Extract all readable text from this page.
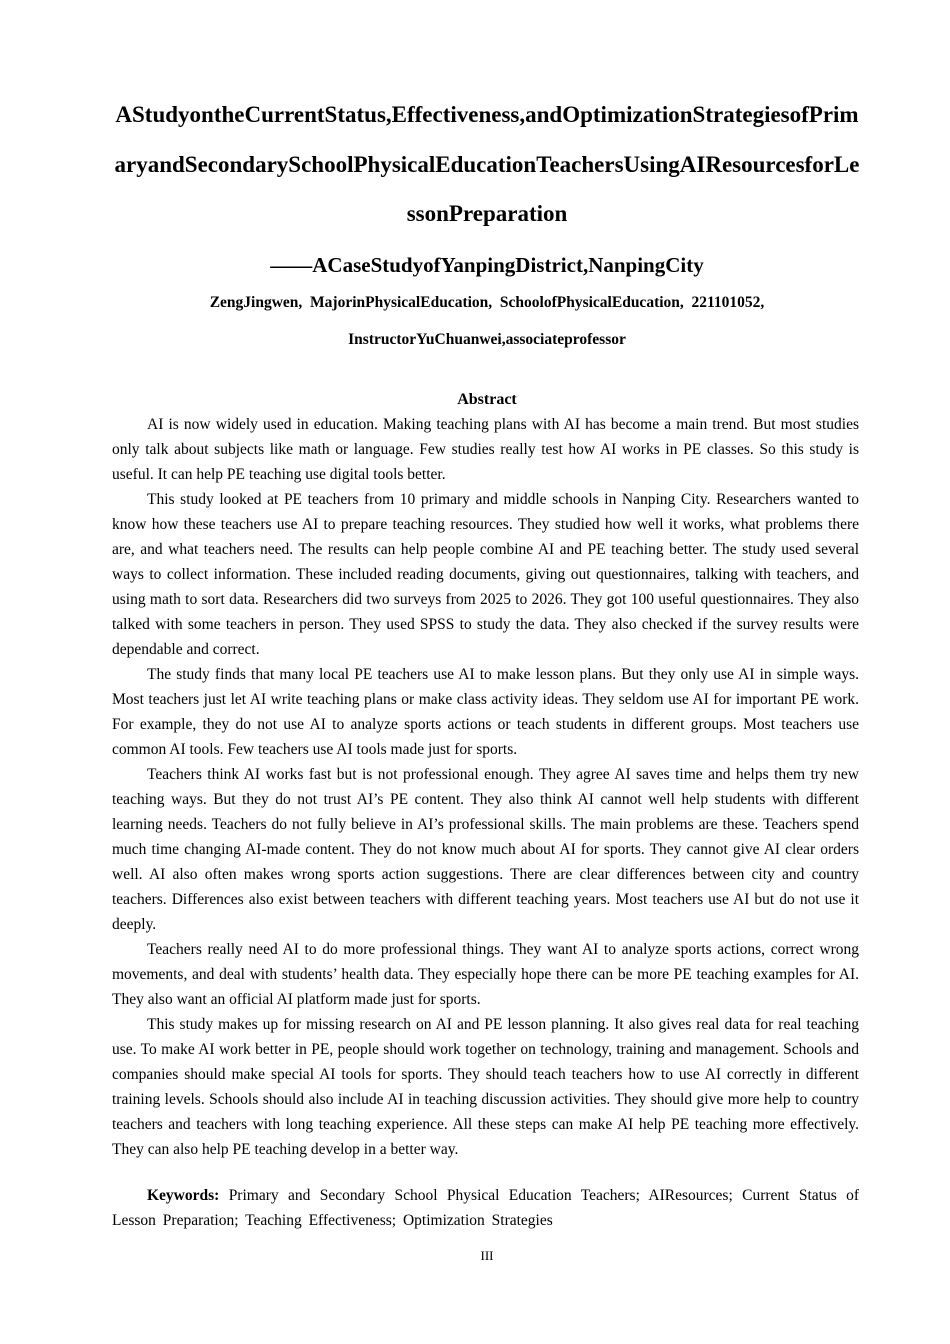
AStudyontheCurrentStatus,Effectiveness,andOptimizationStrategiesofPrimaryandSecondarySchoolPhysicalEducationTeachersUsingAIResourcesforLessonPreparation
——ACaseStudyofYanpingDistrict,NanpingCity

ZengJingwen,  MajorinPhysicalEducation,  SchoolofPhysicalEducation,  221101052,

InstructorYuChuanwei,associateprofessor

Abstract

AI is now widely used in education. Making teaching plans with AI has become a main trend. But most studies only talk about subjects like math or language. Few studies really test how AI works in PE classes. So this study is useful. It can help PE teaching use digital tools better.

This study looked at PE teachers from 10 primary and middle schools in Nanping City. Researchers wanted to know how these teachers use AI to prepare teaching resources. They studied how well it works, what problems there are, and what teachers need. The results can help people combine AI and PE teaching better. The study used several ways to collect information. These included reading documents, giving out questionnaires, talking with teachers, and using math to sort data. Researchers did two surveys from 2025 to 2026. They got 100 useful questionnaires. They also talked with some teachers in person. They used SPSS to study the data. They also checked if the survey results were dependable and correct.

The study finds that many local PE teachers use AI to make lesson plans. But they only use AI in simple ways. Most teachers just let AI write teaching plans or make class activity ideas. They seldom use AI for important PE work. For example, they do not use AI to analyze sports actions or teach students in different groups. Most teachers use common AI tools. Few teachers use AI tools made just for sports.

Teachers think AI works fast but is not professional enough. They agree AI saves time and helps them try new teaching ways. But they do not trust AI’s PE content. They also think AI cannot well help students with different learning needs. Teachers do not fully believe in AI’s professional skills. The main problems are these. Teachers spend much time changing AI-made content. They do not know much about AI for sports. They cannot give AI clear orders well. AI also often makes wrong sports action suggestions. There are clear differences between city and country teachers. Differences also exist between teachers with different teaching years. Most teachers use AI but do not use it deeply.

Teachers really need AI to do more professional things. They want AI to analyze sports actions, correct wrong movements, and deal with students’ health data. They especially hope there can be more PE teaching examples for AI. They also want an official AI platform made just for sports.

This study makes up for missing research on AI and PE lesson planning. It also gives real data for real teaching use. To make AI work better in PE, people should work together on technology, training and management. Schools and companies should make special AI tools for sports. They should teach teachers how to use AI correctly in different training levels. Schools should also include AI in teaching discussion activities. They should give more help to country teachers and teachers with long teaching experience. All these steps can make AI help PE teaching more effectively. They can also help PE teaching develop in a better way.

Keywords: Primary and Secondary School Physical Education Teachers; AIResources; Current Status of Lesson Preparation; Teaching Effectiveness; Optimization Strategies

III
